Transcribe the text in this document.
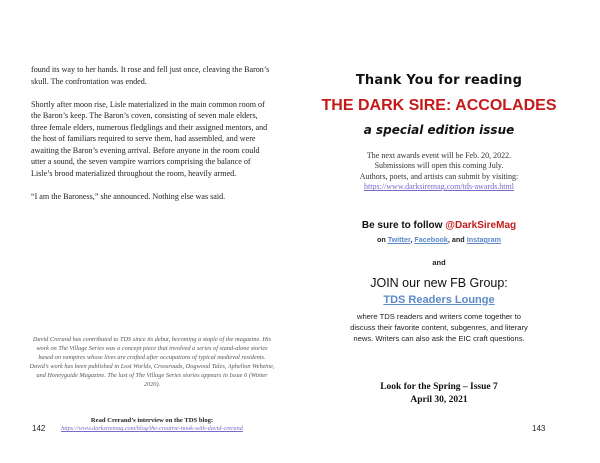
found its way to her hands. It rose and fell just once, cleaving the Baron’s skull. The confrontation was ended.

Shortly after moon rise, Lisle materialized in the main common room of the Baron’s keep. The Baron’s coven, consisting of seven male elders, three female elders, numerous fledglings and their assigned mentors, and the host of familiars required to serve them, had assembled, and were awaiting the Baron’s evening arrival. Before anyone in the room could utter a sound, the seven vampire warriors comprising the balance of Lisle’s brood materialized throughout the room, heavily armed.

“I am the Baroness,” she announced. Nothing else was said.

David Crerand has contributed to TDS since its debut, becoming a staple of the magazine. His work on The Village Series was a concept piece that involved a series of stand-alone stories based on vampires whose lives are crafted after occupations of typical medieval residents. David’s work has been published in Lost Worlds, Crossroads, Dogwood Tales, Aphelion Webzine, and Honeyguide Magazine. The last of The Village Series stories appears in Issue 6 (Winter 2020).
Read Crerand’s interview on the TDS blog:
https://www.darksiremag.com/blog/the-creative-nook-with-david-crerand
142
Thank You for reading
THE DARK SIRE: ACCOLADES
a special edition issue
The next awards event will be Feb. 20, 2022.
Submissions will open this coming July.
Authors, poets, and artists can submit by visiting:
https://www.darksiremag.com/tds-awards.html
Be sure to follow @DarkSireMag
on Twitter, Facebook, and Instagram
and
JOIN our new FB Group:
TDS Readers Lounge
where TDS readers and writers come together to
discuss their favorite content, subgenres, and literary
news. Writers can also ask the EIC craft questions.
Look for the Spring – Issue 7
April 30, 2021
143
